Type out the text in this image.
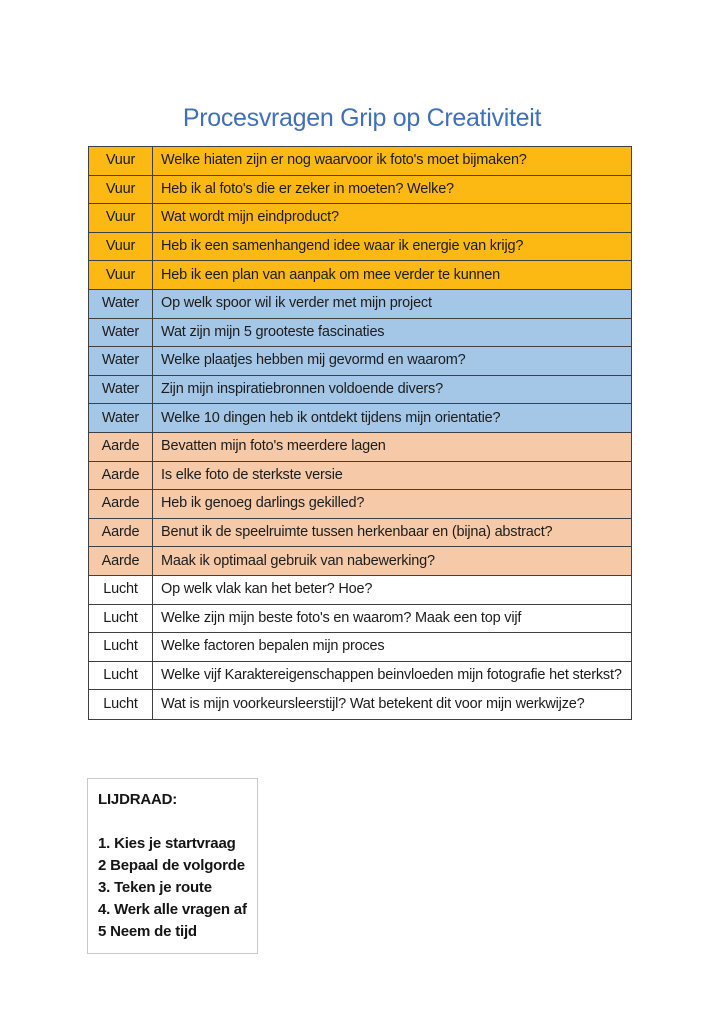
Procesvragen Grip op Creativiteit
Vuur	Welke hiaten zijn er nog waarvoor ik foto's moet bijmaken?
Vuur	Heb ik al foto's die er zeker in moeten? Welke?
Vuur	Wat wordt mijn eindproduct?
Vuur	Heb ik een samenhangend idee waar ik energie van krijg?
Vuur	Heb ik een plan van aanpak om mee verder te kunnen
Water	Op welk spoor wil ik verder met mijn project
Water	Wat zijn mijn 5 grooteste fascinaties
Water	Welke plaatjes hebben mij gevormd en waarom?
Water	Zijn mijn inspiratiebronnen voldoende divers?
Water	Welke 10 dingen heb ik ontdekt tijdens mijn orientatie?
Aarde	Bevatten mijn foto's meerdere lagen
Aarde	Is elke foto de sterkste versie
Aarde	Heb ik genoeg darlings gekilled?
Aarde	Benut ik de speelruimte tussen herkenbaar en (bijna) abstract?
Aarde	Maak ik optimaal gebruik van nabewerking?
Lucht	Op welk vlak kan het beter? Hoe?
Lucht	Welke zijn mijn beste foto's en waarom? Maak een top vijf
Lucht	Welke factoren bepalen mijn proces
Lucht	Welke vijf Karaktereigenschappen beinvloeden mijn fotografie het sterkst?
Lucht	Wat is mijn voorkeursleerstijl? Wat betekent dit voor mijn werkwijze?
LIJDRAAD:
1. Kies je startvraag
2 Bepaal de volgorde
3. Teken je route
4. Werk alle vragen af
5 Neem de tijd
